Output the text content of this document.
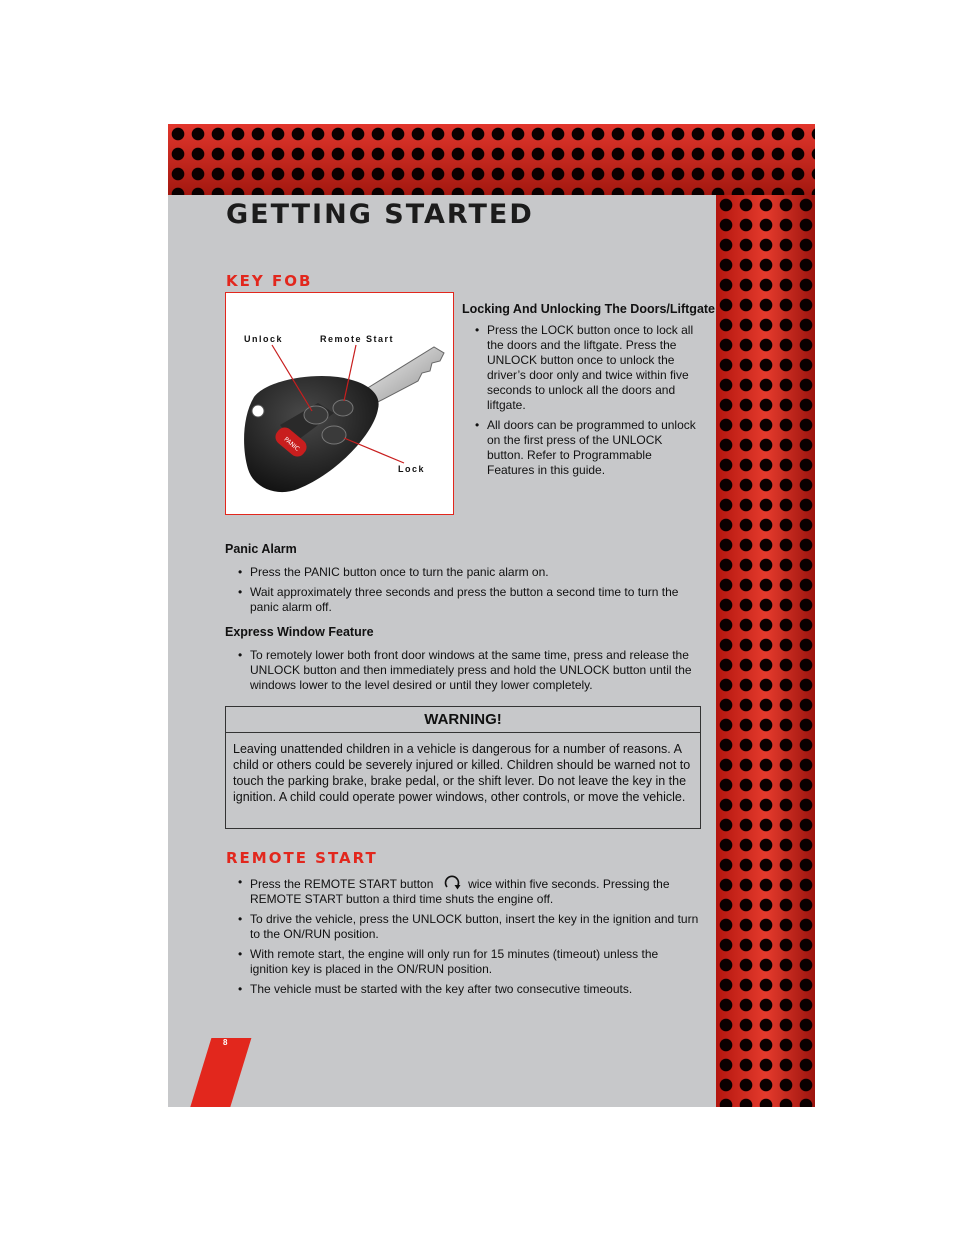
GETTING STARTED
KEY FOB
Unlock	Remote Start
Lock
PANIC
Locking And Unlocking The Doors/Liftgate
• Press the LOCK button once to lock all the doors and the liftgate. Press the UNLOCK button once to unlock the driver’s door only and twice within five seconds to unlock all the doors and liftgate.
• All doors can be programmed to unlock on the first press of the UNLOCK button. Refer to Programmable Features in this guide.
Panic Alarm
• Press the PANIC button once to turn the panic alarm on.
• Wait approximately three seconds and press the button a second time to turn the panic alarm off.
Express Window Feature
• To remotely lower both front door windows at the same time, press and release the UNLOCK button and then immediately press and hold the UNLOCK button until the windows lower to the level desired or until they lower completely.
WARNING!
Leaving unattended children in a vehicle is dangerous for a number of reasons. A child or others could be severely injured or killed. Children should be warned not to touch the parking brake, brake pedal, or the shift lever. Do not leave the key in the ignition. A child could operate power windows, other controls, or move the vehicle.
REMOTE START
• Press the REMOTE START button	wice within five seconds. Pressing the REMOTE START button a third time shuts the engine off.
• To drive the vehicle, press the UNLOCK button, insert the key in the ignition and turn to the ON/RUN position.
• With remote start, the engine will only run for 15 minutes (timeout) unless the ignition key is placed in the ON/RUN position.
• The vehicle must be started with the key after two consecutive timeouts.
8
